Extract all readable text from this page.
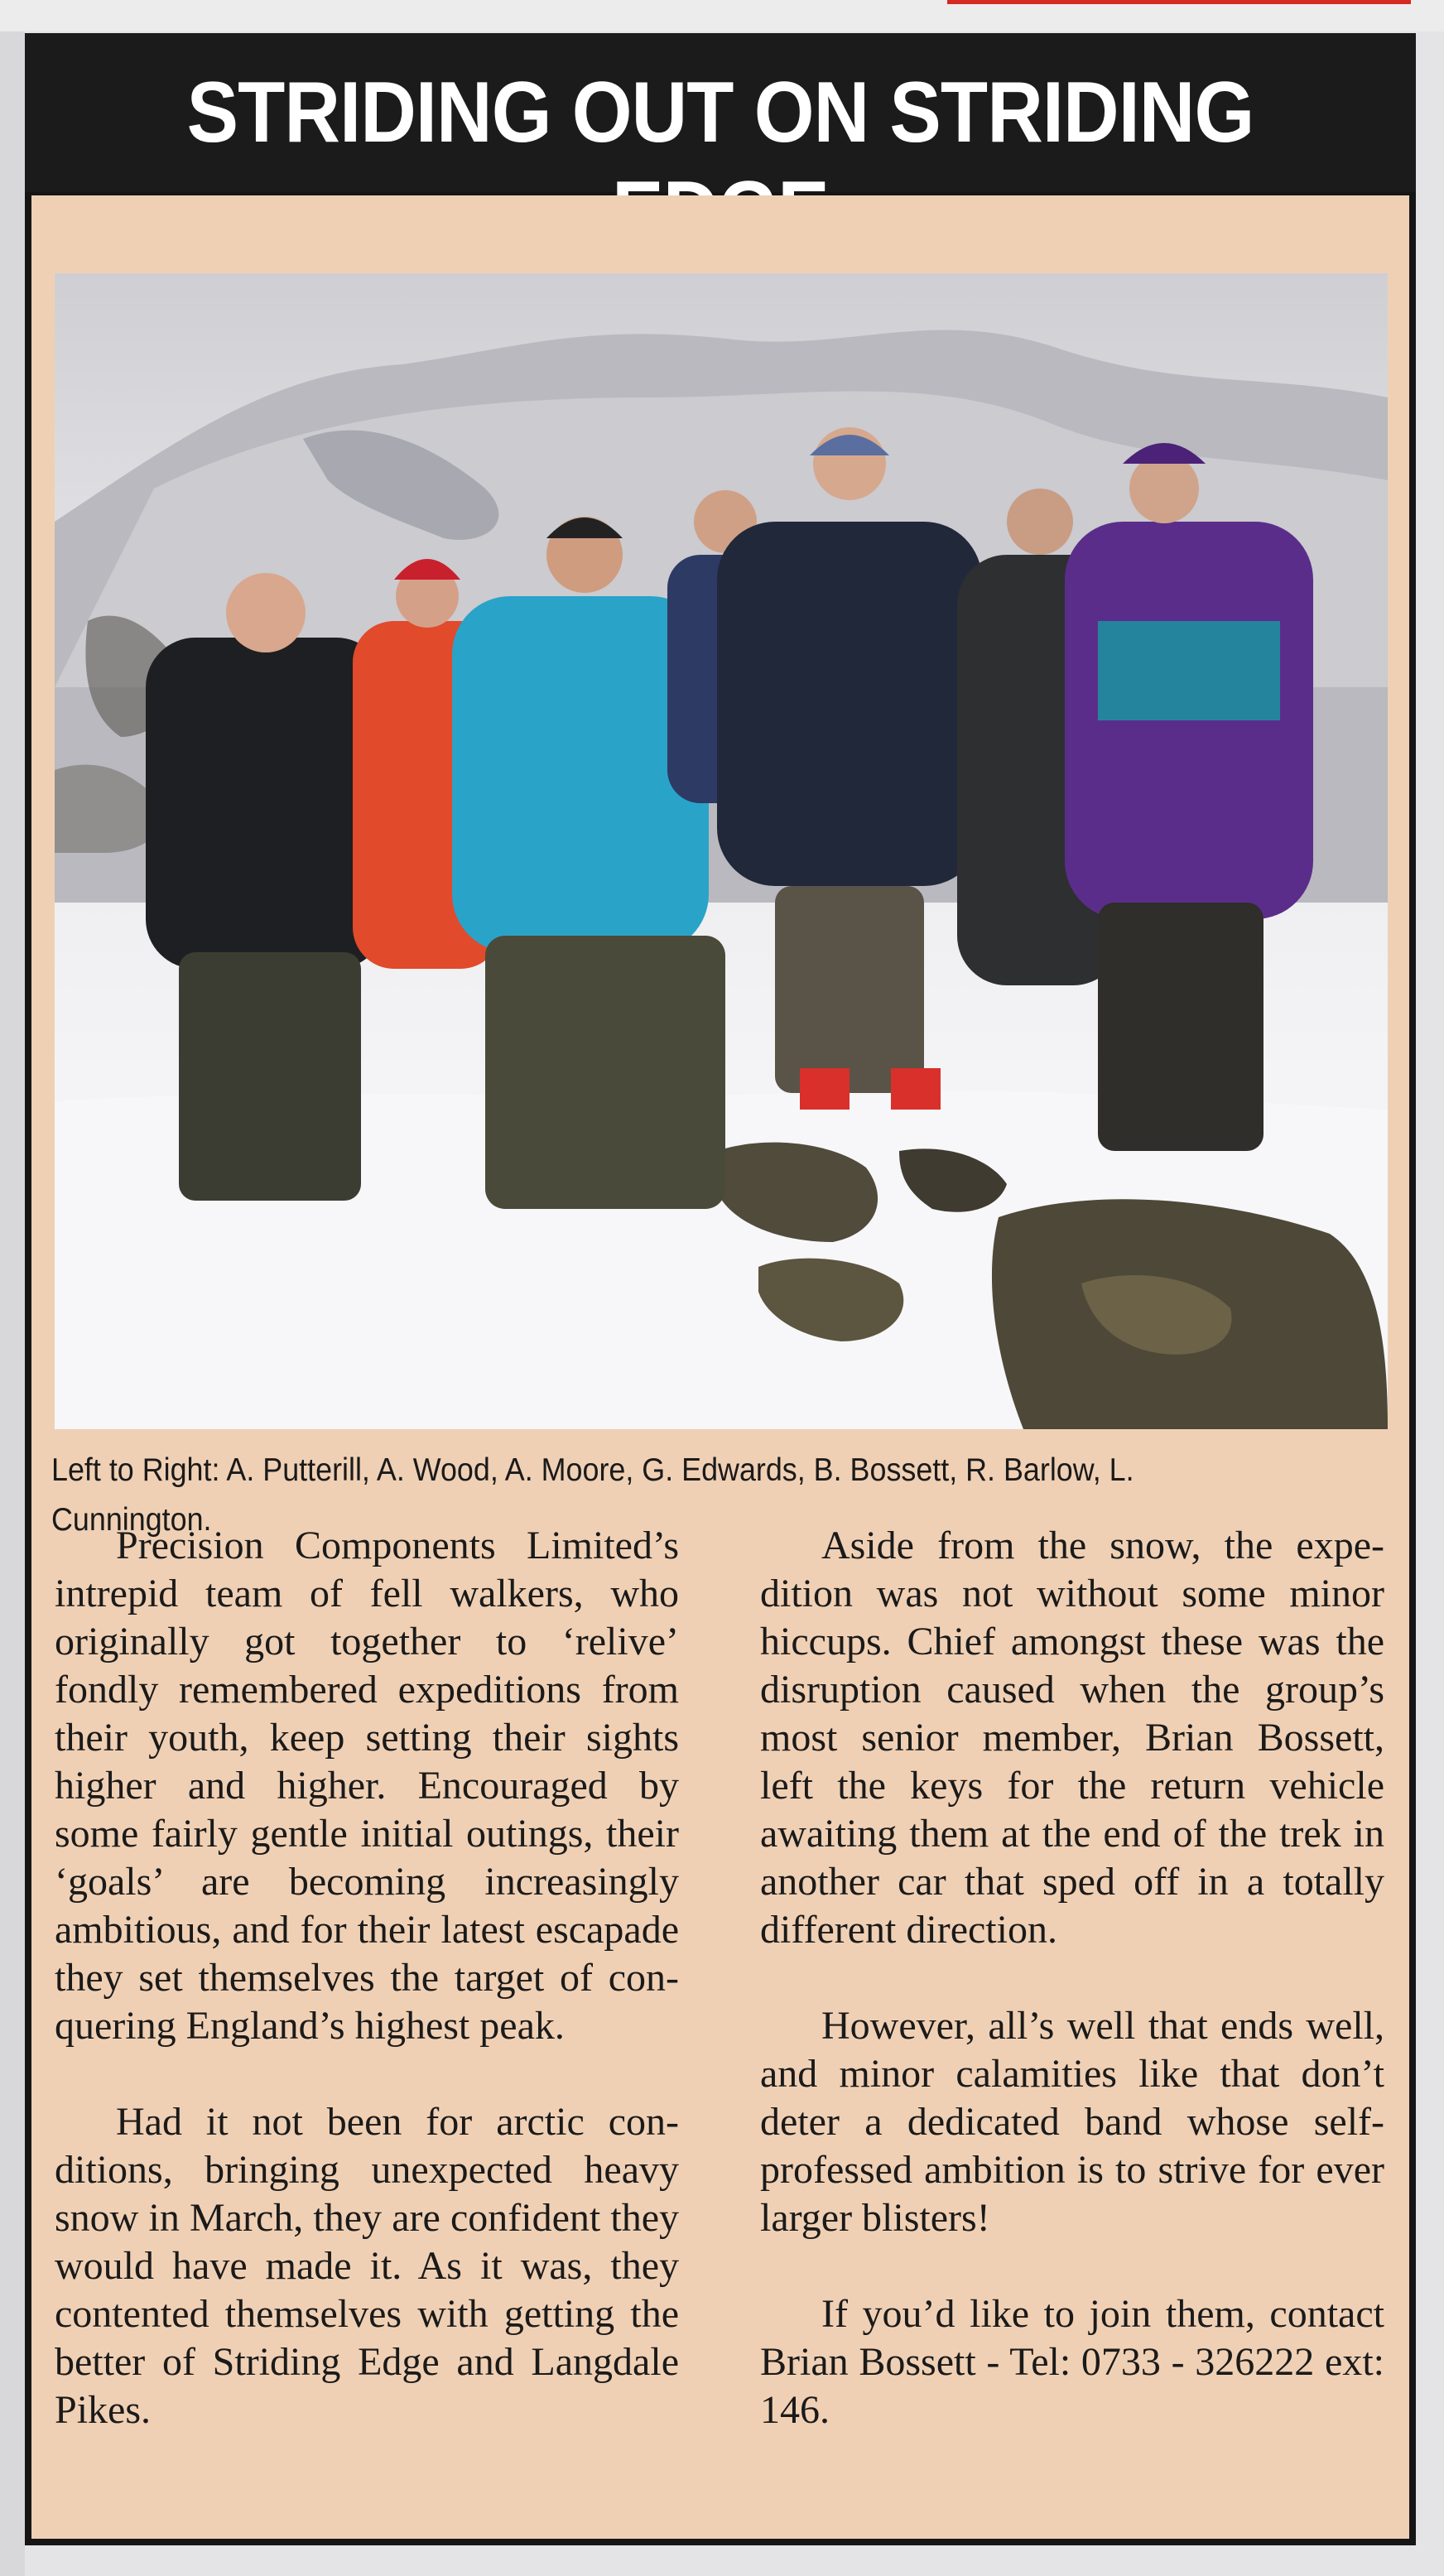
STRIDING OUT ON STRIDING
Left to Right: A. Putterill, A. Wood, A. Moore, G. Edwards, B. Bossett, R. Barlow, L. Cunnington.

Precision Components Limited’s intrepid team of fell walkers, who originally got together to ‘relive’ fondly remembered expeditions from their youth, keep setting their sights higher and higher. Encouraged by some fairly gentle initial outings, their ‘goals’ are becoming increasingly ambitious, and for their latest escapade they set themselves the target of conquering England’s highest peak.

Had it not been for arctic conditions, bringing unexpected heavy snow in March, they are confident they would have made it. As it was, they contented themselves with getting the better of Striding Edge and Langdale Pikes.

Aside from the snow, the expedition was not without some minor hiccups. Chief amongst these was the disruption caused when the group’s most senior member, Brian Bossett, left the keys for the return vehicle awaiting them at the end of the trek in another car that sped off in a totally different direction.

However, all’s well that ends well, and minor calamities like that don’t deter a dedicated band whose self-professed ambition is to strive for ever larger blisters!

If you’d like to join them, contact Brian Bossett - Tel: 0733 - 326222 ext: 146.
